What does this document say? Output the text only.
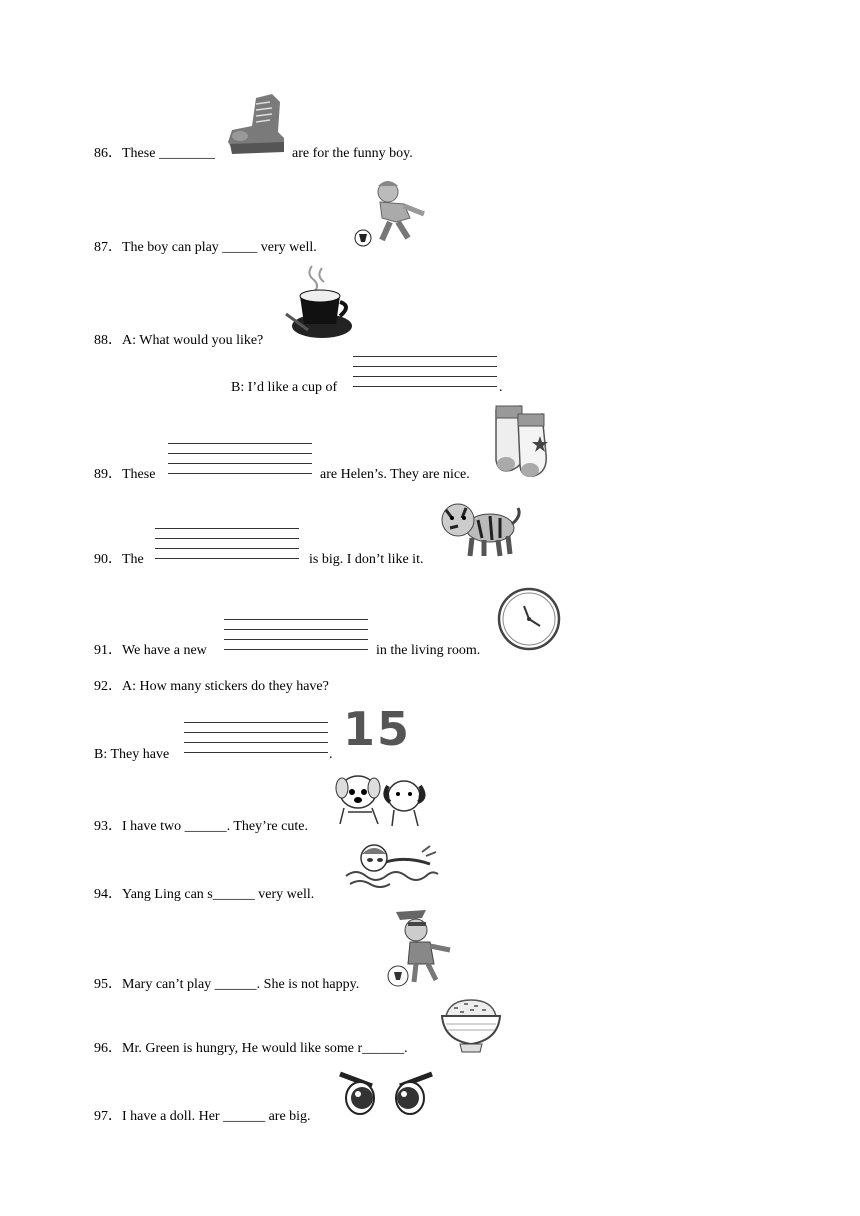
86．These ________	are for the funny boy.
87．The boy can play _____ very well.
88．A: What would you like?
B: I’d like a cup of	.
89．These	are Helen’s. They are nice.
90．The	is big. I don’t like it.
91．We have a new	in the living room.
92．A: How many stickers do they have?
B: They have	. 15
93．I have two ______. They’re cute.
94．Yang Ling can s______ very well.
95．Mary can’t play ______. She is not happy.
96．Mr. Green is hungry, He would like some r______.
97．I have a doll. Her ______ are big.
